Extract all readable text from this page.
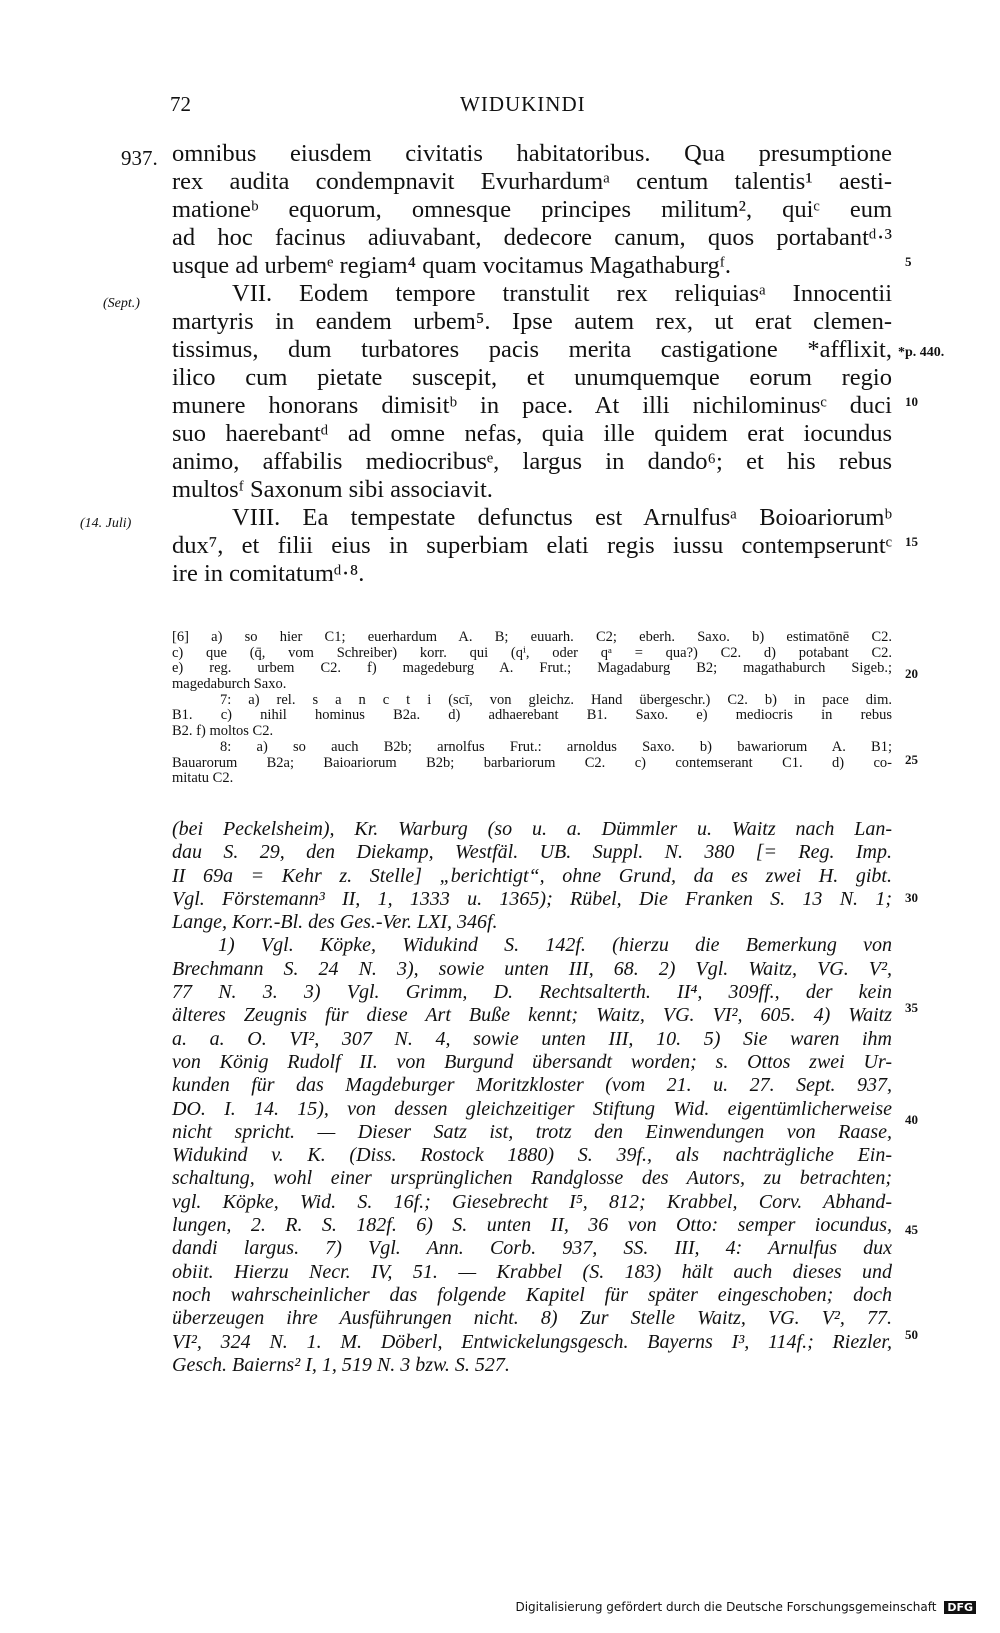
72	WIDUKINDI
937.
(Sept.)
(14. Juli)
*p. 440.
omnibus eiusdem civitatis habitatoribus. Qua presumptione
rex audita condempnavit Evurhardumᵃ centum talentis¹ aesti-
mationeᵇ equorum, omnesque principes militum², quiᶜ eum
ad hoc facinus adiuvabant, dedecore canum, quos portabantᵈ·³
usque ad urbemᵉ regiam⁴ quam vocitamus Magathaburgᶠ.
VII. Eodem tempore transtulit rex reliquiasᵃ Innocentii
martyris in eandem urbem⁵. Ipse autem rex, ut erat clemen-
tissimus, dum turbatores pacis merita castigatione *afflixit,
ilico cum pietate suscepit, et unumquemque eorum regio
munere honorans dimisitᵇ in pace. At illi nichilominusᶜ duci
suo haerebantᵈ ad omne nefas, quia ille quidem erat iocundus
animo, affabilis mediocribusᵉ, largus in dando⁶; et his rebus
multosᶠ Saxonum sibi associavit.
VIII. Ea tempestate defunctus est Arnulfusᵃ Boioariorumᵇ
dux⁷, et filii eius in superbiam elati regis iussu contempseruntᶜ
ire in comitatumᵈ·⁸.
5
10
15
20
25
30
35
40
45
50
[6] a) so hier C1; euerhardum A. B; euuarh. C2; eberh. Saxo. b) estimatōnē C2.
c) que (q̄, vom Schreiber) korr. qui (qⁱ, oder qᵃ = qua?) C2. d) potabant C2.
e) reg. urbem C2. f) magedeburg A. Frut.; Magadaburg B2; magathaburch Sigeb.;
magedaburch Saxo.
7: a) rel. s a n c t i (scī, von gleichz. Hand übergeschr.) C2. b) in pace dim.
B1. c) nihil hominus B2a. d) adhaerebant B1. Saxo. e) mediocris in rebus
B2. f) moltos C2.
8: a) so auch B2b; arnolfus Frut.: arnoldus Saxo. b) bawariorum A. B1;
Bauarorum B2a; Baioariorum B2b; barbariorum C2. c) contemserant C1. d) co-
mitatu C2.
(bei Peckelsheim), Kr. Warburg (so u. a. Dümmler u. Waitz nach Lan-
dau S. 29, den Diekamp, Westfäl. UB. Suppl. N. 380 [= Reg. Imp.
II 69a = Kehr z. Stelle] „berichtigt“, ohne Grund, da es zwei H. gibt.
Vgl. Förstemann³ II, 1, 1333 u. 1365); Rübel, Die Franken S. 13 N. 1;
Lange, Korr.-Bl. des Ges.-Ver. LXI, 346f.
1) Vgl. Köpke, Widukind S. 142f. (hierzu die Bemerkung von
Brechmann S. 24 N. 3), sowie unten III, 68. 2) Vgl. Waitz, VG. V²,
77 N. 3. 3) Vgl. Grimm, D. Rechtsalterth. II⁴, 309ff., der kein
älteres Zeugnis für diese Art Buße kennt; Waitz, VG. VI², 605. 4) Waitz
a. a. O. VI², 307 N. 4, sowie unten III, 10. 5) Sie waren ihm
von König Rudolf II. von Burgund übersandt worden; s. Ottos zwei Ur-
kunden für das Magdeburger Moritzkloster (vom 21. u. 27. Sept. 937,
DO. I. 14. 15), von dessen gleichzeitiger Stiftung Wid. eigentümlicherweise
nicht spricht. — Dieser Satz ist, trotz den Einwendungen von Raase,
Widukind v. K. (Diss. Rostock 1880) S. 39f., als nachträgliche Ein-
schaltung, wohl einer ursprünglichen Randglosse des Autors, zu betrachten;
vgl. Köpke, Wid. S. 16f.; Giesebrecht I⁵, 812; Krabbel, Corv. Abhand-
lungen, 2. R. S. 182f. 6) S. unten II, 36 von Otto: semper iocundus,
dandi largus. 7) Vgl. Ann. Corb. 937, SS. III, 4: Arnulfus dux
obiit. Hierzu Necr. IV, 51. — Krabbel (S. 183) hält auch dieses und
noch wahrscheinlicher das folgende Kapitel für später eingeschoben; doch
überzeugen ihre Ausführungen nicht. 8) Zur Stelle Waitz, VG. V², 77.
VI², 324 N. 1. M. Döberl, Entwickelungsgesch. Bayerns I³, 114f.; Riezler,
Gesch. Baierns² I, 1, 519 N. 3 bzw. S. 527.
Digitalisierung gefördert durch die Deutsche Forschungsgemeinschaft DFG
